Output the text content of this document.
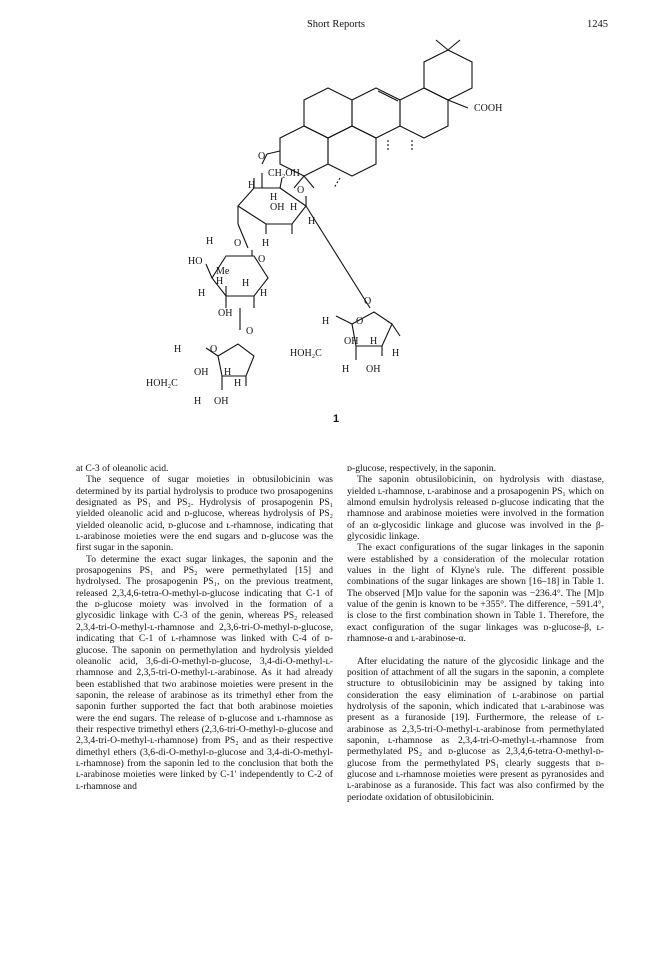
Short Reports	1245
COOH
O
CH₂OH
H
H
OH H
H
O
O H
H
HO
Me
O
H
H
H
H
OH
O
H	O
OH H
HOH₂C	H
H OH
O
H	O
OH H
HOH₂C	H
H OH
1

at C-3 of oleanolic acid.

The sequence of sugar moieties in obtusilobicinin was determined by its partial hydrolysis to produce two prosapogenins designated as PS₁ and PS₂. Hydrolysis of prosapogenin PS₁ yielded oleanolic acid and ᴅ-glucose, whereas hydrolysis of PS₂ yielded oleanolic acid, ᴅ-glucose and ʟ-rhamnose, indicating that ʟ-arabinose moieties were the end sugars and ᴅ-glucose was the first sugar in the saponin.

To determine the exact sugar linkages, the saponin and the prosapogenins PS₁ and PS₂ were permethylated [15] and hydrolysed. The prosapogenin PS₁, on the previous treatment, released 2,3,4,6-tetra-O-methyl-ᴅ-glucose indicating that C-1 of the ᴅ-glucose moiety was involved in the formation of a glycosidic linkage with C-3 of the genin, whereas PS₂ released 2,3,4-tri-O-methyl-ʟ-rhamnose and 2,3,6-tri-O-methyl-ᴅ-glucose, indicating that C-1 of ʟ-rhamnose was linked with C-4 of ᴅ-glucose. The saponin on permethylation and hydrolysis yielded oleanolic acid, 3,6-di-O-methyl-ᴅ-glucose, 3,4-di-O-methyl-ʟ-rhamnose and 2,3,5-tri-O-methyl-ʟ-arabinose. As it had already been established that two arabinose moieties were present in the saponin, the release of arabinose as its trimethyl ether from the saponin further supported the fact that both arabinose moieties were the end sugars. The release of ᴅ-glucose and ʟ-rhamnose as their respective trimethyl ethers (2,3,6-tri-O-methyl-ᴅ-glucose and 2,3,4-tri-O-methyl-ʟ-rhamnose) from PS₂ and as their respective dimethyl ethers (3,6-di-O-methyl-ᴅ-glucose and 3,4-di-O-methyl-ʟ-rhamnose) from the saponin led to the conclusion that both the ʟ-arabinose moieties were linked by C-1′ independently to C-2 of ʟ-rhamnose and

ᴅ-glucose, respectively, in the saponin.

The saponin obtusilobicinin, on hydrolysis with diastase, yielded ʟ-rhamnose, ʟ-arabinose and a prosapogenin PS₁ which on almond emulsin hydrolysis released ᴅ-glucose indicating that the rhamnose and arabinose moieties were involved in the formation of an α-glycosidic linkage and glucose was involved in the β-glycosidic linkage.

The exact configurations of the sugar linkages in the saponin were established by a consideration of the molecular rotation values in the light of Klyne's rule. The different possible combinations of the sugar linkages are shown [16–18] in Table 1. The observed [M]ᴅ value for the saponin was −236.4°. The [M]ᴅ value of the genin is known to be +355°. The difference, −591.4°, is close to the first combination shown in Table 1. Therefore, the exact configuration of the sugar linkages was ᴅ-glucose-β, ʟ-rhamnose-α and ʟ-arabinose-α.

After elucidating the nature of the glycosidic linkage and the position of attachment of all the sugars in the saponin, a complete structure to obtusilobicinin may be assigned by taking into consideration the easy elimination of ʟ-arabinose on partial hydrolysis of the saponin, which indicated that ʟ-arabinose was present as a furanoside [19]. Furthermore, the release of ʟ-arabinose as 2,3,5-tri-O-methyl-ʟ-arabinose from permethylated saponin, ʟ-rhamnose as 2,3,4-tri-O-methyl-ʟ-rhamnose from permethylated PS₂ and ᴅ-glucose as 2,3,4,6-tetra-O-methyl-ᴅ-glucose from the permethylated PS₁ clearly suggests that ᴅ-glucose and ʟ-rhamnose moieties were present as pyranosides and ʟ-arabinose as a furanoside. This fact was also confirmed by the periodate oxidation of obtusilobicinin.
